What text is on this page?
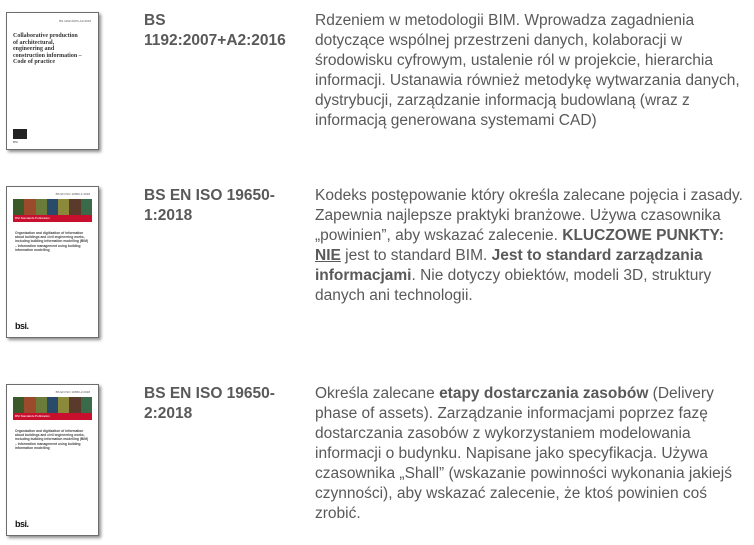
BS 1192:2007+A2:2016
Collaborative production of architectural, engineering and construction information – Code of practice
BSI
BS 1192:2007+A2:2016
Rdzeniem w metodologii BIM. Wprowadza zagadnienia dotyczące wspólnej przestrzeni danych, kolaboracji w środowisku cyfrowym, ustalenie ról w projekcie, hierarchia informacji. Ustanawia również metodykę wytwarzania danych, dystrybucji, zarządzanie informacją budowlaną (wraz z informacją generowana systemami CAD)
BS EN ISO 19650-1:2018
BSI Standards Publication
Organization and digitization of information about buildings and civil engineering works, including building information modelling (BIM) – Information management using building information modelling
bsi.
BS EN ISO 19650-1:2018
Kodeks postępowanie który określa zalecane pojęcia i zasady. Zapewnia najlepsze praktyki branżowe. Używa czasownika „powinien”, aby wskazać zalecenie. KLUCZOWE PUNKTY: NIE jest to standard BIM. Jest to standard zarządzania informacjami. Nie dotyczy obiektów, modeli 3D, struktury danych ani technologii.
BS EN ISO 19650-2:2018
BSI Standards Publication
Organization and digitization of information about buildings and civil engineering works, including building information modelling (BIM) – Information management using building information modelling
bsi.
BS EN ISO 19650-2:2018
Określa zalecane etapy dostarczania zasobów (Delivery phase of assets). Zarządzanie informacjami poprzez fazę dostarczania zasobów z wykorzystaniem modelowania informacji o budynku. Napisane jako specyfikacja. Używa czasownika „Shall” (wskazanie powinności wykonania jakiejś czynności), aby wskazać zalecenie, że ktoś powinien coś zrobić.
